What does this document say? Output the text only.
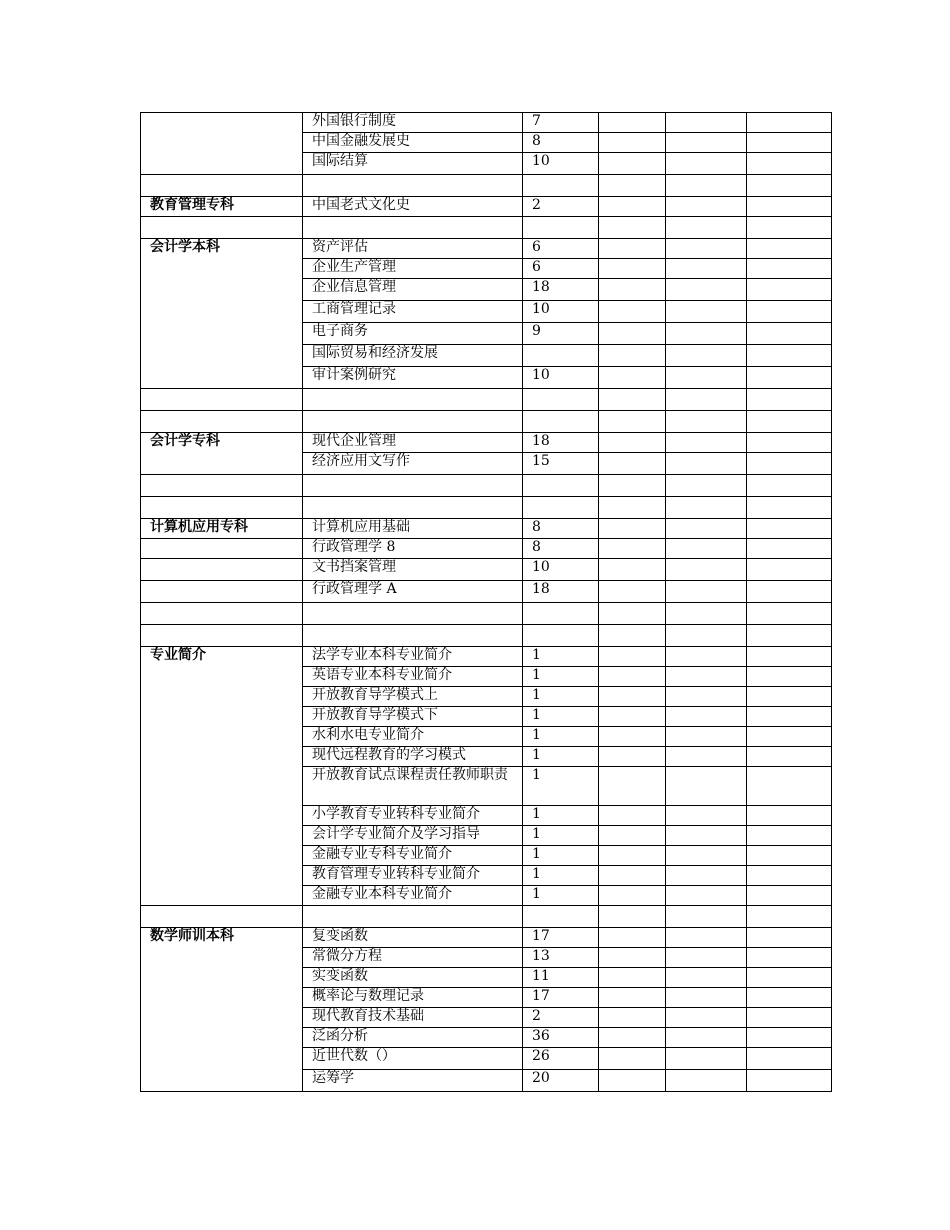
	外国银行制度	7			
	中国金融发展史	8			
	国际结算	10			

教育管理专科	中国老式文化史	2			

会计学本科	资产评估	6			
	企业生产管理	6			
	企业信息管理	18			
	工商管理记录	10			
	电子商务	9			
	国际贸易和经济发展				
	审计案例研究	10			

会计学专科	现代企业管理	18			
	经济应用文写作	15			

计算机应用专科	计算机应用基础	8			
	行政管理学 8	8			
	文书挡案管理	10			
	行政管理学 A	18			

专业简介	法学专业本科专业简介	1			
	英语专业本科专业简介	1			
	开放教育导学模式上	1			
	开放教育导学模式下	1			
	水利水电专业简介	1			
	现代远程教育的学习模式	1			
	开放教育试点课程责任教师职责	1			
	小学教育专业转科专业简介	1			
	会计学专业简介及学习指导	1			
	金融专业专科专业简介	1			
	教育管理专业转科专业简介	1			
	金融专业本科专业简介	1			

数学师训本科	复变函数	17			
	常微分方程	13			
	实变函数	11			
	概率论与数理记录	17			
	现代教育技术基础	2			
	泛函分析	36			
	近世代数（）	26			
	运筹学	20			
